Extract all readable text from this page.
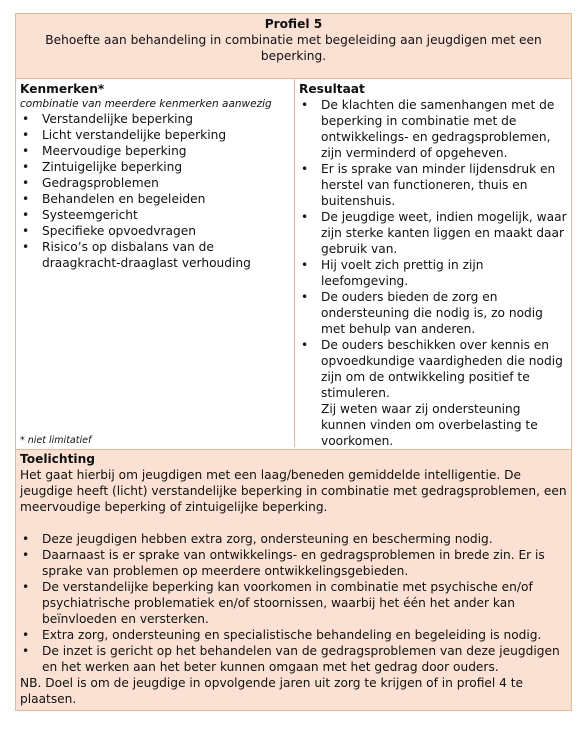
Profiel 5
Behoefte aan behandeling in combinatie met begeleiding aan jeugdigen met een beperking.
Kenmerken*
combinatie van meerdere kenmerken aanwezig
• Verstandelijke beperking
• Licht verstandelijke beperking
• Meervoudige beperking
• Zintuigelijke beperking
• Gedragsproblemen
• Behandelen en begeleiden
• Systeemgericht
• Specifieke opvoedvragen
• Risico’s op disbalans van de draagkracht-draaglast verhouding
* niet limitatief
Resultaat
• De klachten die samenhangen met de beperking in combinatie met de ontwikkelings- en gedragsproblemen, zijn verminderd of opgeheven.
• Er is sprake van minder lijdensdruk en herstel van functioneren, thuis en buitenshuis.
• De jeugdige weet, indien mogelijk, waar zijn sterke kanten liggen en maakt daar gebruik van.
• Hij voelt zich prettig in zijn leefomgeving.
• De ouders bieden de zorg en ondersteuning die nodig is, zo nodig met behulp van anderen.
• De ouders beschikken over kennis en opvoedkundige vaardigheden die nodig zijn om de ontwikkeling positief te stimuleren.
Zij weten waar zij ondersteuning kunnen vinden om overbelasting te voorkomen.
Toelichting
Het gaat hierbij om jeugdigen met een laag/beneden gemiddelde intelligentie. De jeugdige heeft (licht) verstandelijke beperking in combinatie met gedragsproblemen, een meervoudige beperking of zintuigelijke beperking.
• Deze jeugdigen hebben extra zorg, ondersteuning en bescherming nodig.
• Daarnaast is er sprake van ontwikkelings- en gedragsproblemen in brede zin. Er is sprake van problemen op meerdere ontwikkelingsgebieden.
• De verstandelijke beperking kan voorkomen in combinatie met psychische en/of psychiatrische problematiek en/of stoornissen, waarbij het één het ander kan beïnvloeden en versterken.
• Extra zorg, ondersteuning en specialistische behandeling en begeleiding is nodig.
• De inzet is gericht op het behandelen van de gedragsproblemen van deze jeugdigen en het werken aan het beter kunnen omgaan met het gedrag door ouders.
NB. Doel is om de jeugdige in opvolgende jaren uit zorg te krijgen of in profiel 4 te plaatsen.
